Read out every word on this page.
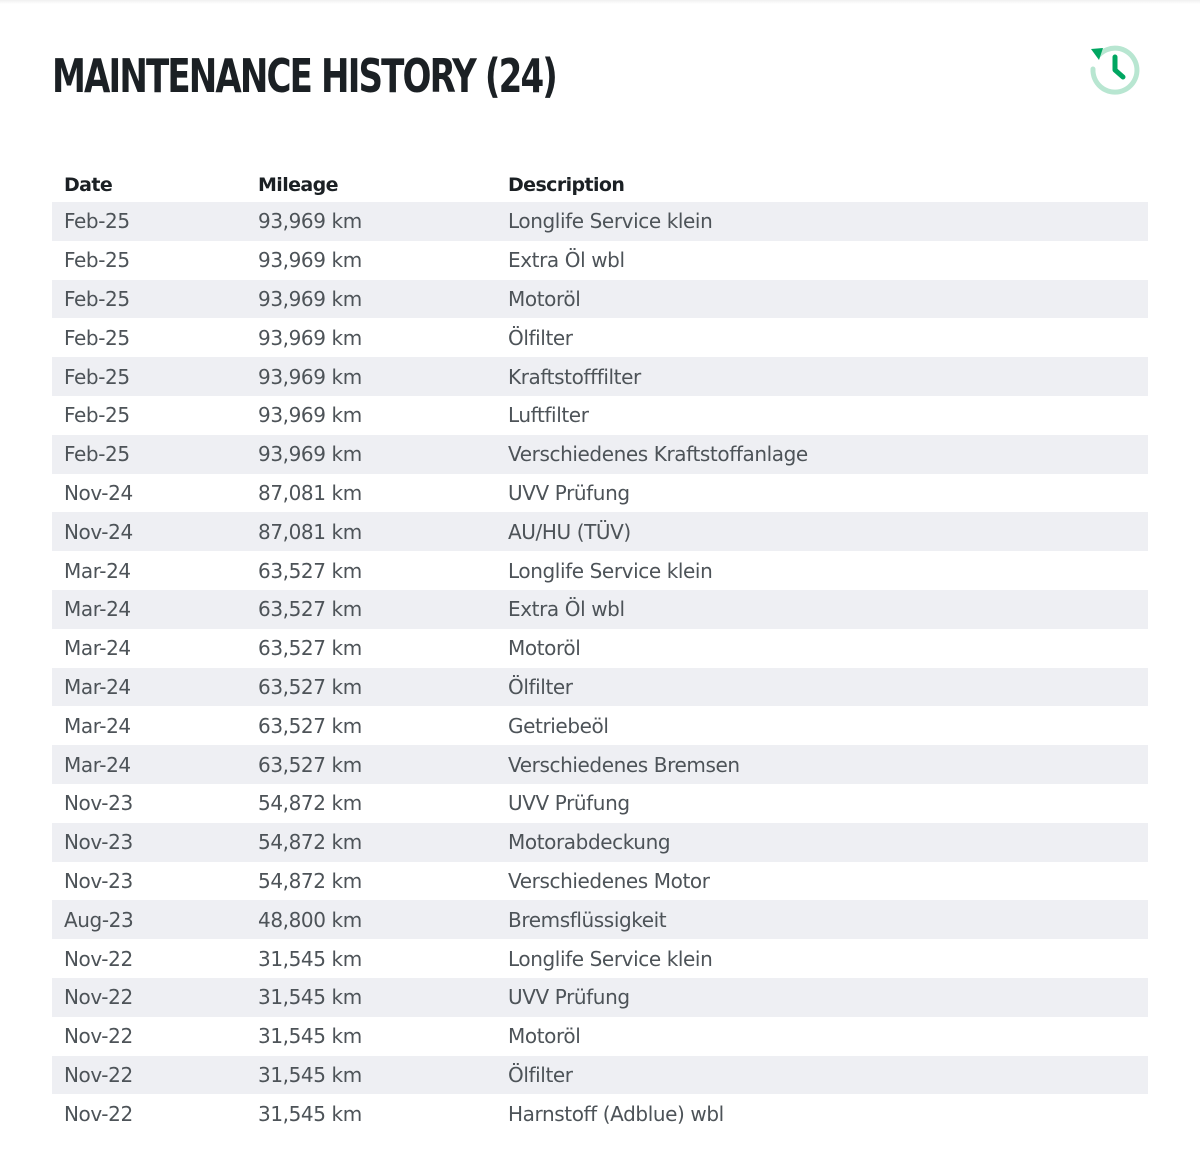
MAINTENANCE HISTORY (24)
Date	Mileage	Description
Feb-25	93,969 km	Longlife Service klein
Feb-25	93,969 km	Extra Öl wbl
Feb-25	93,969 km	Motoröl
Feb-25	93,969 km	Ölfilter
Feb-25	93,969 km	Kraftstofffilter
Feb-25	93,969 km	Luftfilter
Feb-25	93,969 km	Verschiedenes Kraftstoffanlage
Nov-24	87,081 km	UVV Prüfung
Nov-24	87,081 km	AU/HU (TÜV)
Mar-24	63,527 km	Longlife Service klein
Mar-24	63,527 km	Extra Öl wbl
Mar-24	63,527 km	Motoröl
Mar-24	63,527 km	Ölfilter
Mar-24	63,527 km	Getriebeöl
Mar-24	63,527 km	Verschiedenes Bremsen
Nov-23	54,872 km	UVV Prüfung
Nov-23	54,872 km	Motorabdeckung
Nov-23	54,872 km	Verschiedenes Motor
Aug-23	48,800 km	Bremsflüssigkeit
Nov-22	31,545 km	Longlife Service klein
Nov-22	31,545 km	UVV Prüfung
Nov-22	31,545 km	Motoröl
Nov-22	31,545 km	Ölfilter
Nov-22	31,545 km	Harnstoff (Adblue) wbl
